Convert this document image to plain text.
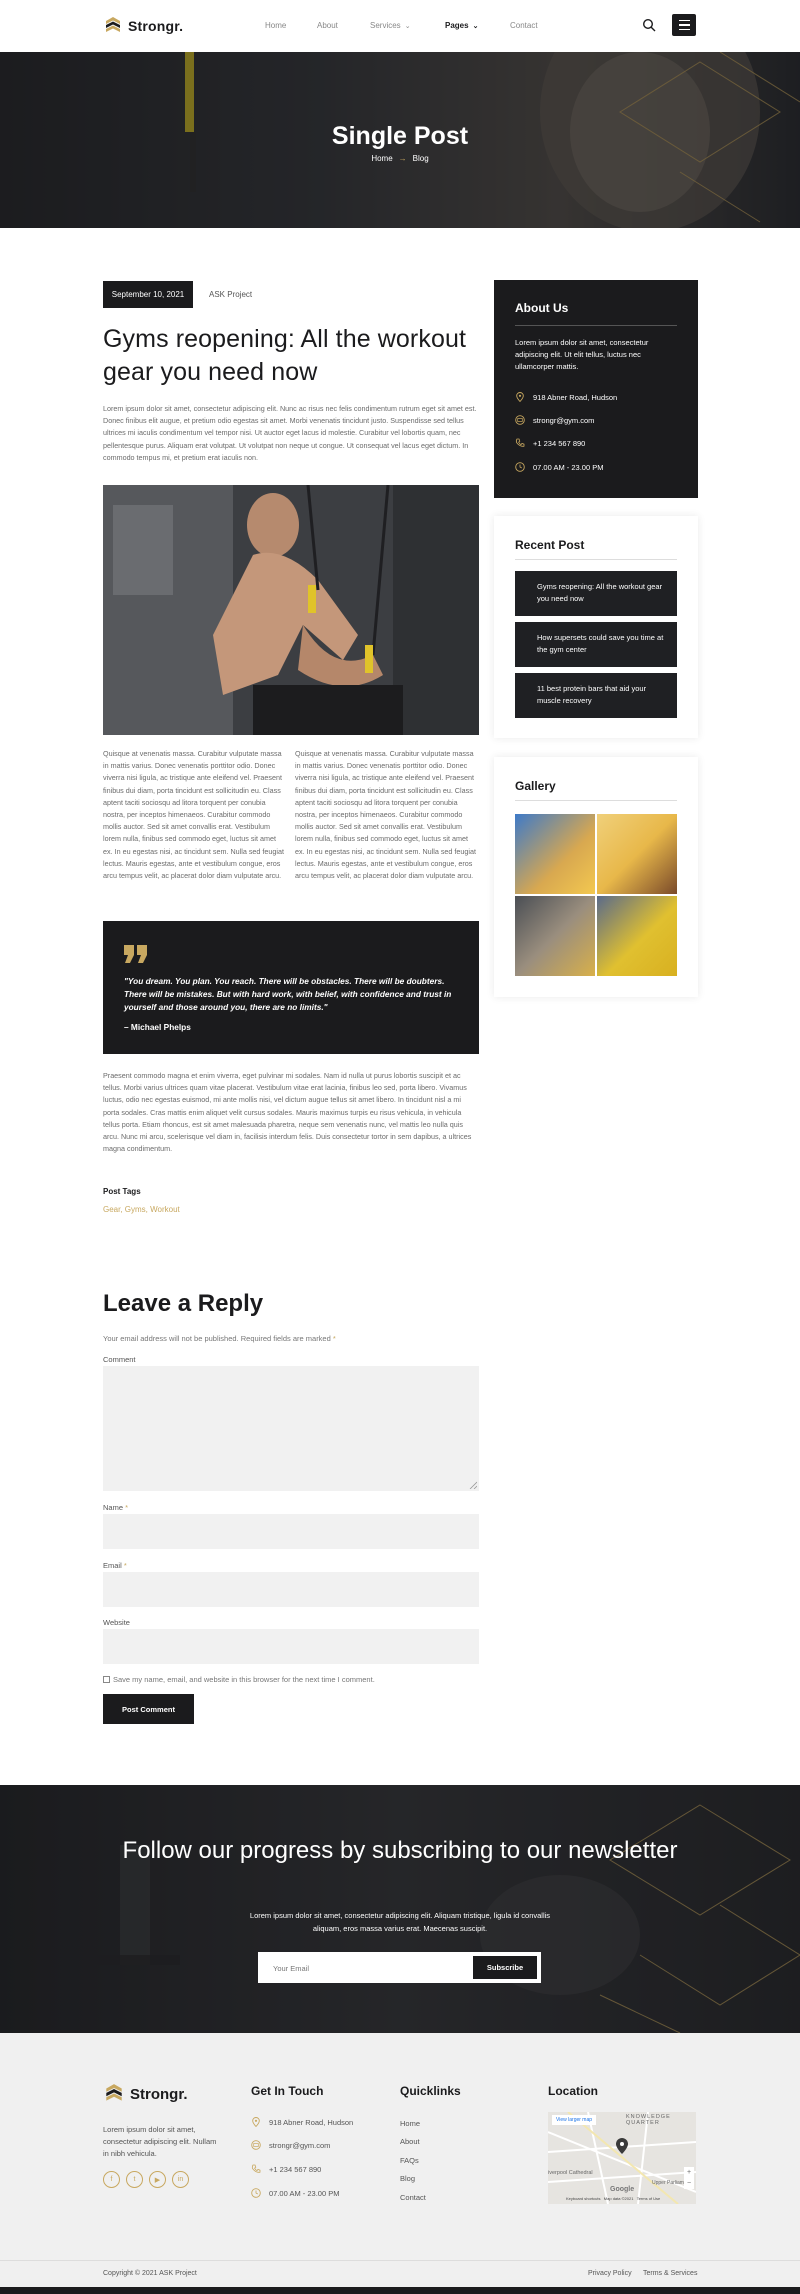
Strongr.	Home	About	Services ⌄	Pages ⌄	Contact
Single Post
Home → Blog
September 10, 2021	ASK Project
Gyms reopening: All the workout gear you need now

Lorem ipsum dolor sit amet, consectetur adipiscing elit. Nunc ac risus nec felis condimentum rutrum eget sit amet est. Donec finibus elit augue, et pretium odio egestas sit amet. Morbi venenatis tincidunt justo. Suspendisse sed tellus ultrices mi iaculis condimentum vel tempor nisi. Ut auctor eget lacus id molestie. Curabitur vel lobortis quam, nec pellentesque purus. Aliquam erat volutpat. Ut volutpat non neque ut congue. Ut consequat vel lacus eget dictum. In commodo tempus mi, et pretium erat iaculis non.

Quisque at venenatis massa. Curabitur vulputate massa in mattis varius. Donec venenatis porttitor odio. Donec viverra nisi ligula, ac tristique ante eleifend vel. Praesent finibus dui diam, porta tincidunt est sollicitudin eu. Class aptent taciti sociosqu ad litora torquent per conubia nostra, per inceptos himenaeos. Curabitur commodo mollis auctor. Sed sit amet convallis erat. Vestibulum lorem nulla, finibus sed commodo eget, luctus sit amet ex. In eu egestas nisi, ac tincidunt sem. Nulla sed feugiat lectus. Mauris egestas, ante et vestibulum congue, eros arcu tempus velit, ac placerat dolor diam vulputate arcu.

Quisque at venenatis massa. Curabitur vulputate massa in mattis varius. Donec venenatis porttitor odio. Donec viverra nisi ligula, ac tristique ante eleifend vel. Praesent finibus dui diam, porta tincidunt est sollicitudin eu. Class aptent taciti sociosqu ad litora torquent per conubia nostra, per inceptos himenaeos. Curabitur commodo mollis auctor. Sed sit amet convallis erat. Vestibulum lorem nulla, finibus sed commodo eget, luctus sit amet ex. In eu egestas nisi, ac tincidunt sem. Nulla sed feugiat lectus. Mauris egestas, ante et vestibulum congue, eros arcu tempus velit, ac placerat dolor diam vulputate arcu.

"You dream. You plan. You reach. There will be obstacles. There will be doubters. There will be mistakes. But with hard work, with belief, with confidence and trust in yourself and those around you, there are no limits."
– Michael Phelps

Praesent commodo magna et enim viverra, eget pulvinar mi sodales. Nam id nulla ut purus lobortis suscipit et ac tellus. Morbi varius ultrices quam vitae placerat. Vestibulum vitae erat lacinia, finibus leo sed, porta libero. Vivamus luctus, odio nec egestas euismod, mi ante mollis nisi, vel dictum augue tellus sit amet libero. In tincidunt nisl a mi porta sodales. Cras mattis enim aliquet velit cursus sodales. Mauris maximus turpis eu risus vehicula, in vehicula tellus porta. Etiam rhoncus, est sit amet malesuada pharetra, neque sem venenatis nunc, vel mattis leo nulla quis arcu. Nunc mi arcu, scelerisque vel diam in, facilisis interdum felis. Duis consectetur tortor in sem dapibus, a ultrices magna condimentum.

Post Tags
Gear, Gyms, Workout
About Us

Lorem ipsum dolor sit amet, consectetur adipiscing elit. Ut elit tellus, luctus nec ullamcorper mattis.

918 Abner Road, Hudson
strongr@gym.com
+1 234 567 890
07.00 AM - 23.00 PM
Recent Post
Gyms reopening: All the workout gear you need now
How supersets could save you time at the gym center
11 best protein bars that aid your muscle recovery
Gallery
Leave a Reply
Your email address will not be published. Required fields are marked *
Comment
Name *
Email *
Website
Save my name, email, and website in this browser for the next time I comment.
Post Comment
Follow our progress by subscribing to our newsletter
Lorem ipsum dolor sit amet, consectetur adipiscing elit. Aliquam tristique, ligula id convallis aliquam, eros massa varius erat. Maecenas suscipit.
Your Email	Subscribe
Strongr.

Lorem ipsum dolor sit amet, consectetur adipiscing elit. Nullam in nibh vehicula.

f	t	▶	in
Get In Touch
918 Abner Road, Hudson
strongr@gym.com
+1 234 567 890
07.00 AM - 23.00 PM
Quicklinks
Home
About
FAQs
Blog
Contact
Location
View larger map	KNOWLEDGE QUARTER
iverpool Cathedral
Upper Parliam
Google
Keyboard shortcuts   Map data ©2021   Terms of Use
+
−
Copyright © 2021 ASK Project	Privacy Policy Terms & Services
